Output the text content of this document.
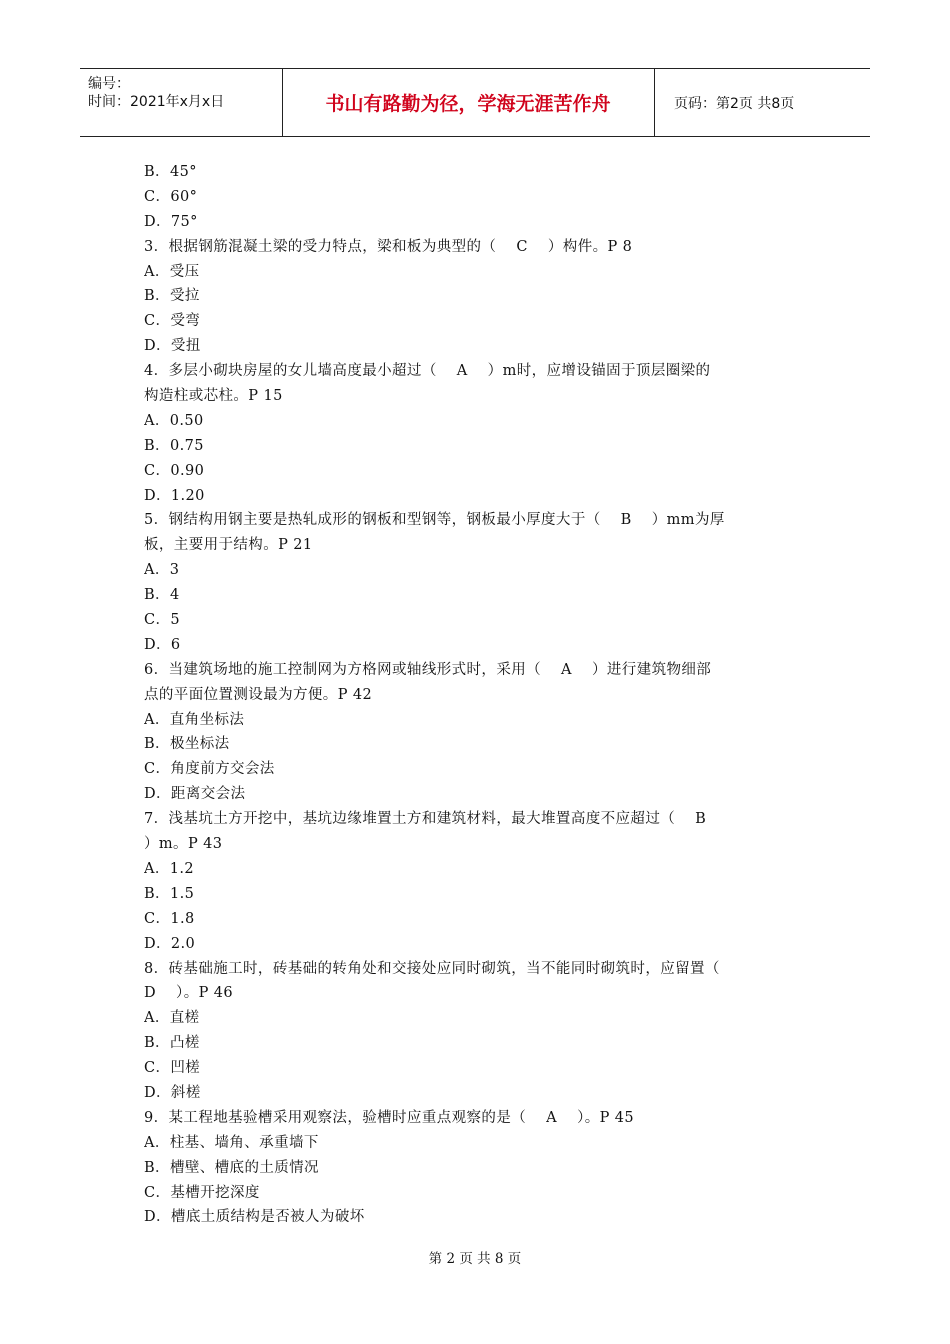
编号：
时间：2021年x月x日	书山有路勤为径，学海无涯苦作舟	页码：第2页 共8页
B．45°
C．60°
D．75°
3．根据钢筋混凝土梁的受力特点，梁和板为典型的（    C    ）构件。P 8
A．受压
B．受拉
C．受弯
D．受扭
4．多层小砌块房屋的女儿墙高度最小超过（    A    ）m时，应增设锚固于顶层圈梁的
构造柱或芯柱。P 15
A．0.50
B．0.75
C．0.90
D．1.20
5．钢结构用钢主要是热轧成形的钢板和型钢等，钢板最小厚度大于（    B    ）mm为厚
板，主要用于结构。P 21
A．3
B．4
C．5
D．6
6．当建筑场地的施工控制网为方格网或轴线形式时，采用（    A    ）进行建筑物细部
点的平面位置测设最为方便。P 42
A．直角坐标法
B．极坐标法
C．角度前方交会法
D．距离交会法
7．浅基坑土方开挖中，基坑边缘堆置土方和建筑材料，最大堆置高度不应超过（    B
）m。P 43
A．1.2
B．1.5
C．1.8
D．2.0
8．砖基础施工时，砖基础的转角处和交接处应同时砌筑，当不能同时砌筑时，应留置（
D    ）。P 46
A．直槎
B．凸槎
C．凹槎
D．斜槎
9．某工程地基验槽采用观察法，验槽时应重点观察的是（    A    ）。P 45
A．柱基、墙角、承重墙下
B．槽壁、槽底的土质情况
C．基槽开挖深度
D．槽底土质结构是否被人为破坏
第 2 页 共 8 页
